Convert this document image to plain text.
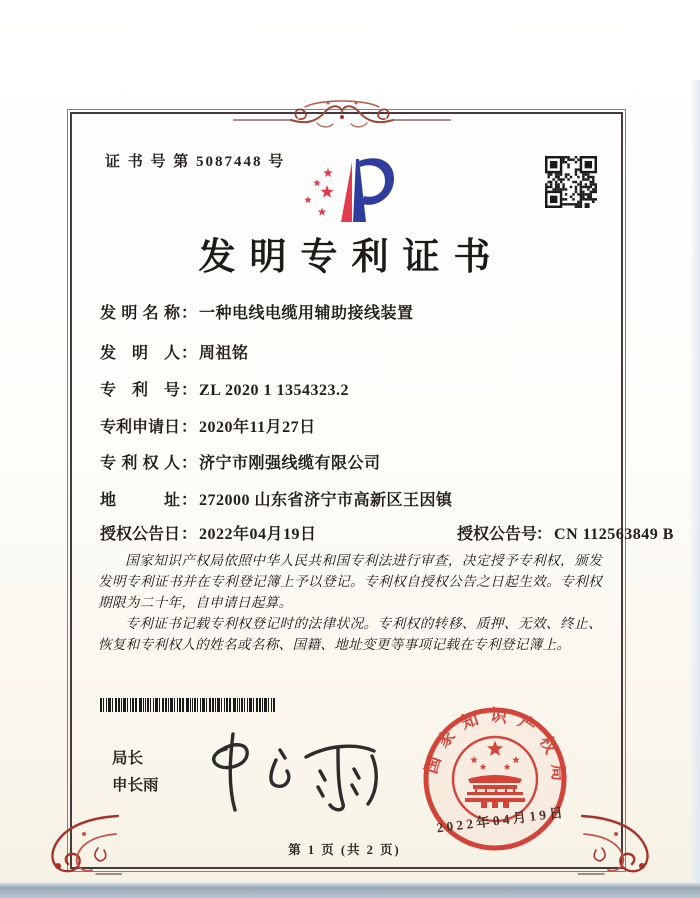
证 书 号 第 5087448 号
发明专利证书
发明名称： 一种电线电缆用辅助接线装置
发明人： 周祖铭
专利号： ZL 2020 1 1354323.2
专利申请日： 2020年11月27日
专利权人： 济宁市刚强线缆有限公司
地址： 272000 山东省济宁市高新区王因镇
授权公告日： 2022年04月19日	授权公告号： CN 112563849 B

国家知识产权局依照中华人民共和国专利法进行审查，决定授予专利权，颁发发明专利证书并在专利登记簿上予以登记。专利权自授权公告之日起生效。专利权期限为二十年，自申请日起算。

专利证书记载专利权登记时的法律状况。专利权的转移、质押、无效、终止、恢复和专利权人的姓名或名称、国籍、地址变更等事项记载在专利登记簿上。

局长
申长雨
国家知识产权局
2022年04月19日
第 1 页 (共 2 页)
